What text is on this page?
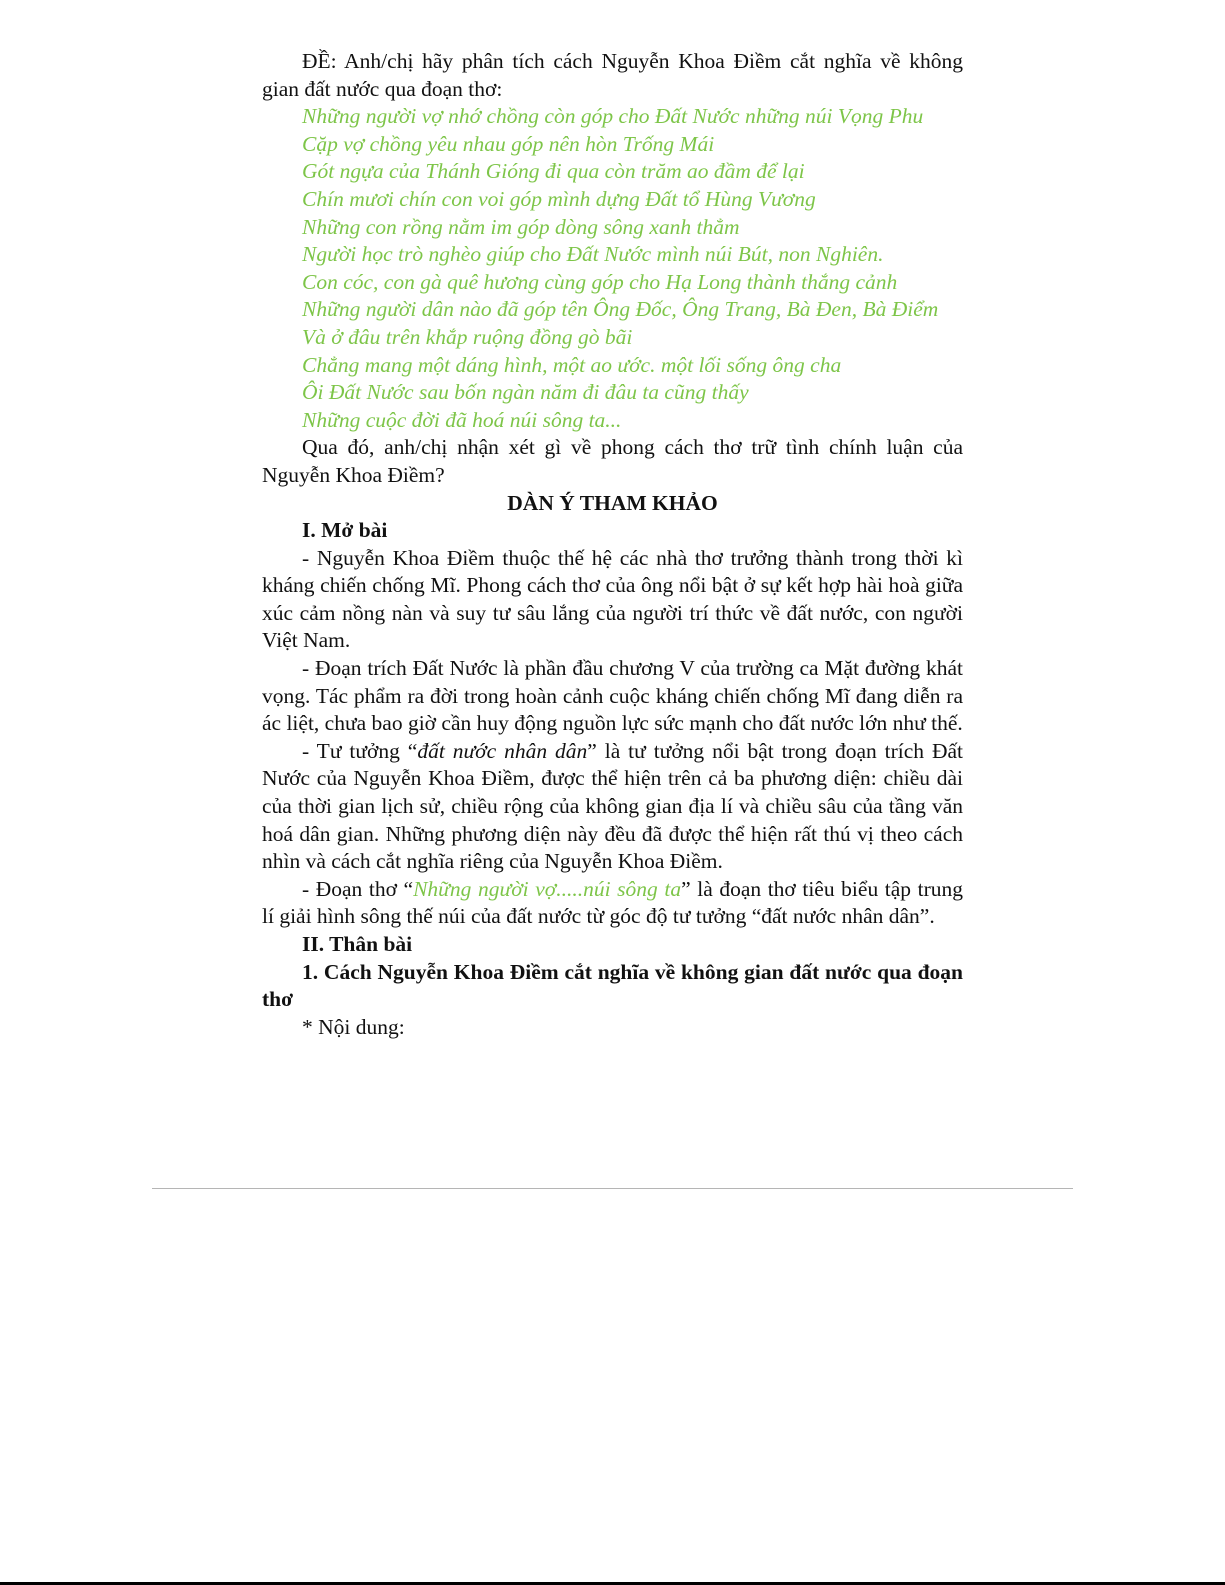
ĐỀ: Anh/chị hãy phân tích cách Nguyễn Khoa Điềm cắt nghĩa về không gian đất nước qua đoạn thơ:

Những người vợ nhớ chồng còn góp cho Đất Nước những núi Vọng Phu
Cặp vợ chồng yêu nhau góp nên hòn Trống Mái
Gót ngựa của Thánh Gióng đi qua còn trăm ao đầm để lại
Chín mươi chín con voi góp mình dựng Đất tổ Hùng Vương
Những con rồng nằm im góp dòng sông xanh thẳm
Người học trò nghèo giúp cho Đất Nước mình núi Bút, non Nghiên.
Con cóc, con gà quê hương cùng góp cho Hạ Long thành thắng cảnh
Những người dân nào đã góp tên Ông Đốc, Ông Trang, Bà Đen, Bà Điểm
Và ở đâu trên khắp ruộng đồng gò bãi
Chẳng mang một dáng hình, một ao ước. một lối sống ông cha
Ôi Đất Nước sau bốn ngàn năm đi đâu ta cũng thấy
Những cuộc đời đã hoá núi sông ta...

Qua đó, anh/chị nhận xét gì về phong cách thơ trữ tình chính luận của Nguyễn Khoa Điềm?

DÀN Ý THAM KHẢO

I. Mở bài

- Nguyễn Khoa Điềm thuộc thế hệ các nhà thơ trưởng thành trong thời kì kháng chiến chống Mĩ. Phong cách thơ của ông nổi bật ở sự kết hợp hài hoà giữa xúc cảm nồng nàn và suy tư sâu lắng của người trí thức về đất nước, con người Việt Nam.

- Đoạn trích Đất Nước là phần đầu chương V của trường ca Mặt đường khát vọng. Tác phẩm ra đời trong hoàn cảnh cuộc kháng chiến chống Mĩ đang diễn ra ác liệt, chưa bao giờ cần huy động nguồn lực sức mạnh cho đất nước lớn như thế.

- Tư tưởng “đất nước nhân dân” là tư tưởng nổi bật trong đoạn trích Đất Nước của Nguyễn Khoa Điềm, được thể hiện trên cả ba phương diện: chiều dài của thời gian lịch sử, chiều rộng của không gian địa lí và chiều sâu của tầng văn hoá dân gian. Những phương diện này đều đã được thể hiện rất thú vị theo cách nhìn và cách cắt nghĩa riêng của Nguyễn Khoa Điềm.

- Đoạn thơ “Những người vợ.....núi sông ta” là đoạn thơ tiêu biểu tập trung lí giải hình sông thế núi của đất nước từ góc độ tư tưởng “đất nước nhân dân”.

II. Thân bài

1. Cách Nguyễn Khoa Điềm cắt nghĩa về không gian đất nước qua đoạn thơ

* Nội dung:
